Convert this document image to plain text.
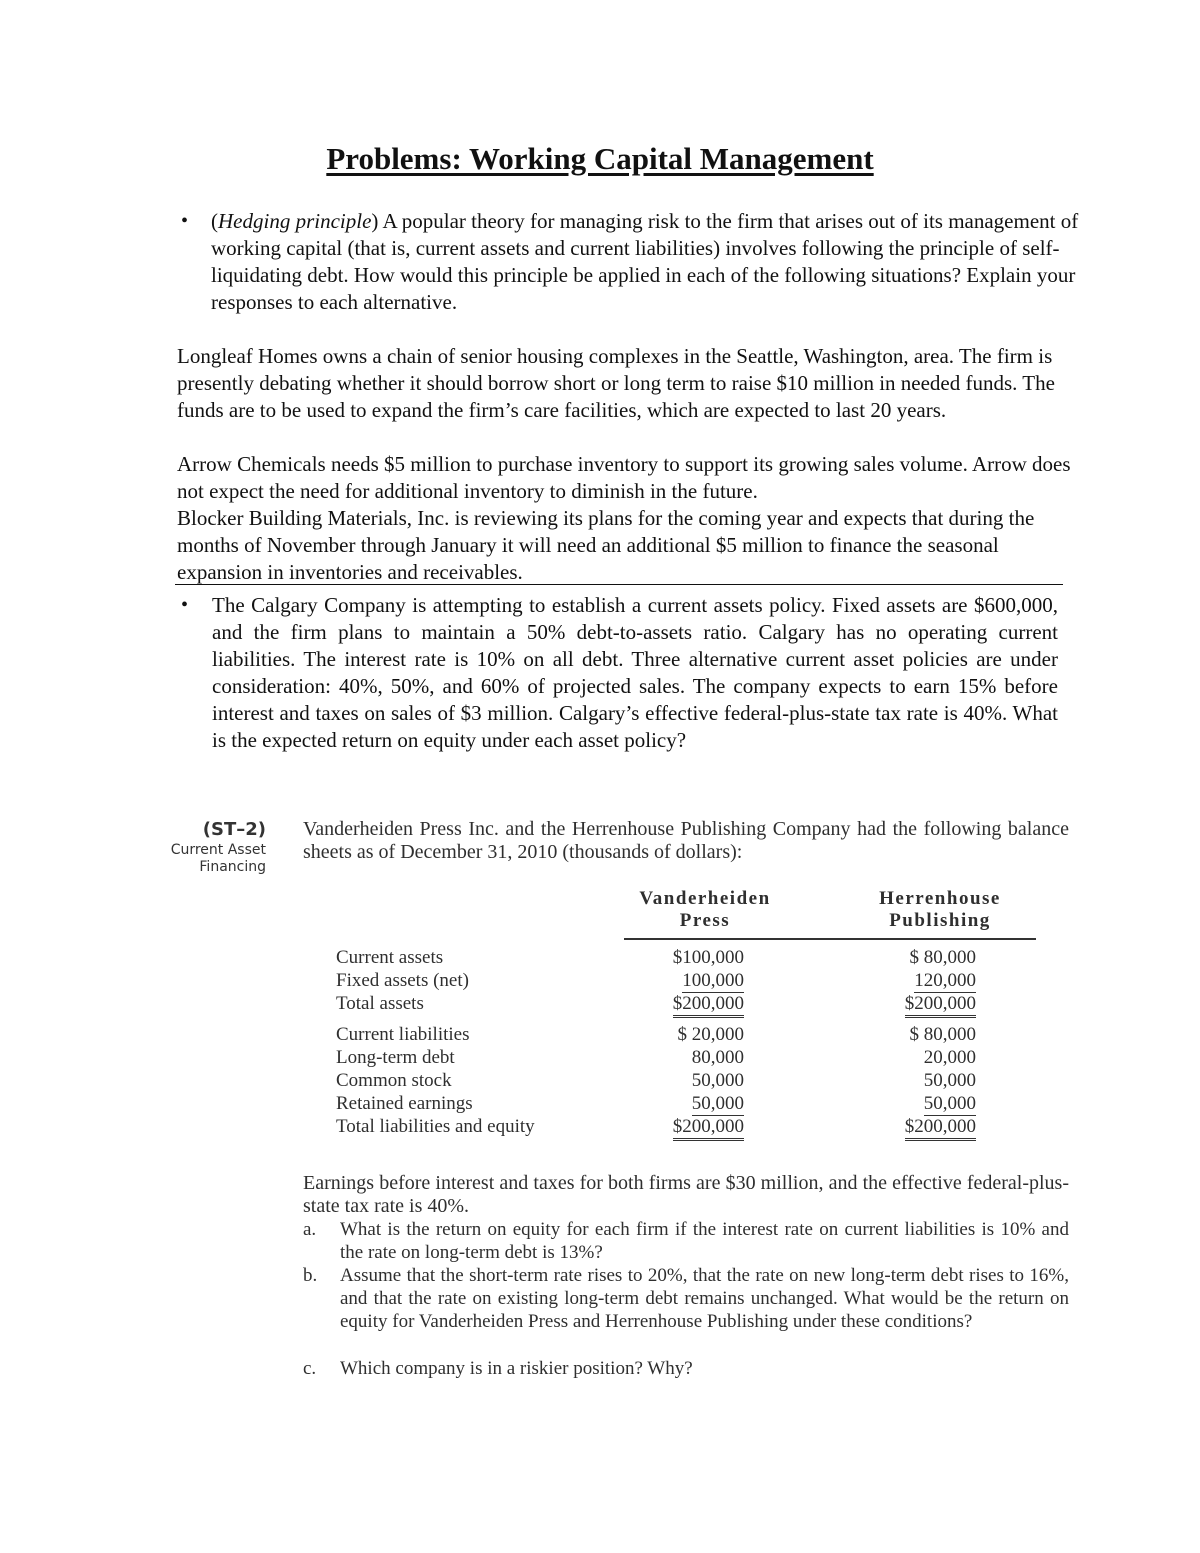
Problems: Working Capital Management
• (Hedging principle) A popular theory for managing risk to the firm that arises out of its management of working capital (that is, current assets and current liabilities) involves following the principle of self-liquidating debt. How would this principle be applied in each of the following situations? Explain your responses to each alternative.
Longleaf Homes owns a chain of senior housing complexes in the Seattle, Washington, area. The firm is presently debating whether it should borrow short or long term to raise $10 million in needed funds. The funds are to be used to expand the firm’s care facilities, which are expected to last 20 years.
Arrow Chemicals needs $5 million to purchase inventory to support its growing sales volume. Arrow does not expect the need for additional inventory to diminish in the future.
Blocker Building Materials, Inc. is reviewing its plans for the coming year and expects that during the months of November through January it will need an additional $5 million to finance the seasonal expansion in inventories and receivables.
• The Calgary Company is attempting to establish a current assets policy. Fixed assets are $600,000, and the firm plans to maintain a 50% debt-to-assets ratio. Calgary has no operating current liabilities. The interest rate is 10% on all debt. Three alternative current asset policies are under consideration: 40%, 50%, and 60% of projected sales. The company expects to earn 15% before interest and taxes on sales of $3 million. Calgary’s effective federal-plus-state tax rate is 40%. What is the expected return on equity under each asset policy?
(ST–2)
Current Asset
Financing
Vanderheiden Press Inc. and the Herrenhouse Publishing Company had the following balance sheets as of December 31, 2010 (thousands of dollars):
Vanderheiden
Press
Herrenhouse
Publishing
Current assets	$100,000	$ 80,000
Fixed assets (net)	100,000	120,000
Total assets	$200,000	$200,000
Current liabilities	$ 20,000	$ 80,000
Long-term debt	80,000	20,000
Common stock	50,000	50,000
Retained earnings	50,000	50,000
Total liabilities and equity	$200,000	$200,000
Earnings before interest and taxes for both firms are $30 million, and the effective federal-plus-state tax rate is 40%.
a. What is the return on equity for each firm if the interest rate on current liabilities is 10% and the rate on long-term debt is 13%?
b. Assume that the short-term rate rises to 20%, that the rate on new long-term debt rises to 16%, and that the rate on existing long-term debt remains unchanged. What would be the return on equity for Vanderheiden Press and Herrenhouse Publishing under these conditions?
c. Which company is in a riskier position? Why?
